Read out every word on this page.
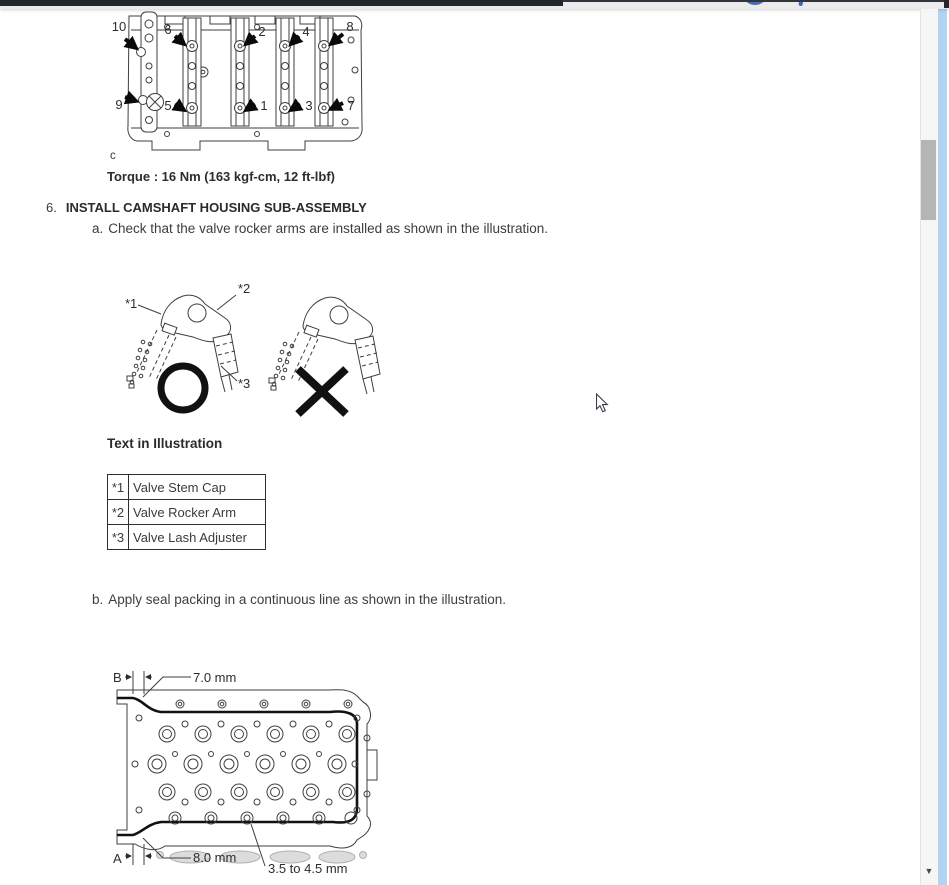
▼
10	6	2	4	8
9	5	1	3	7
c
Torque : 16 Nm (163 kgf-cm, 12 ft-lbf)
6. INSTALL CAMSHAFT HOUSING SUB-ASSEMBLY
a. Check that the valve rocker arms are installed as shown in the illustration.
*1
*2
*3
Text in Illustration
*1	Valve Stem Cap
*2	Valve Rocker Arm
*3	Valve Lash Adjuster
b. Apply seal packing in a continuous line as shown in the illustration.
B	7.0 mm
A	8.0 mm
3.5 to 4.5 mm
